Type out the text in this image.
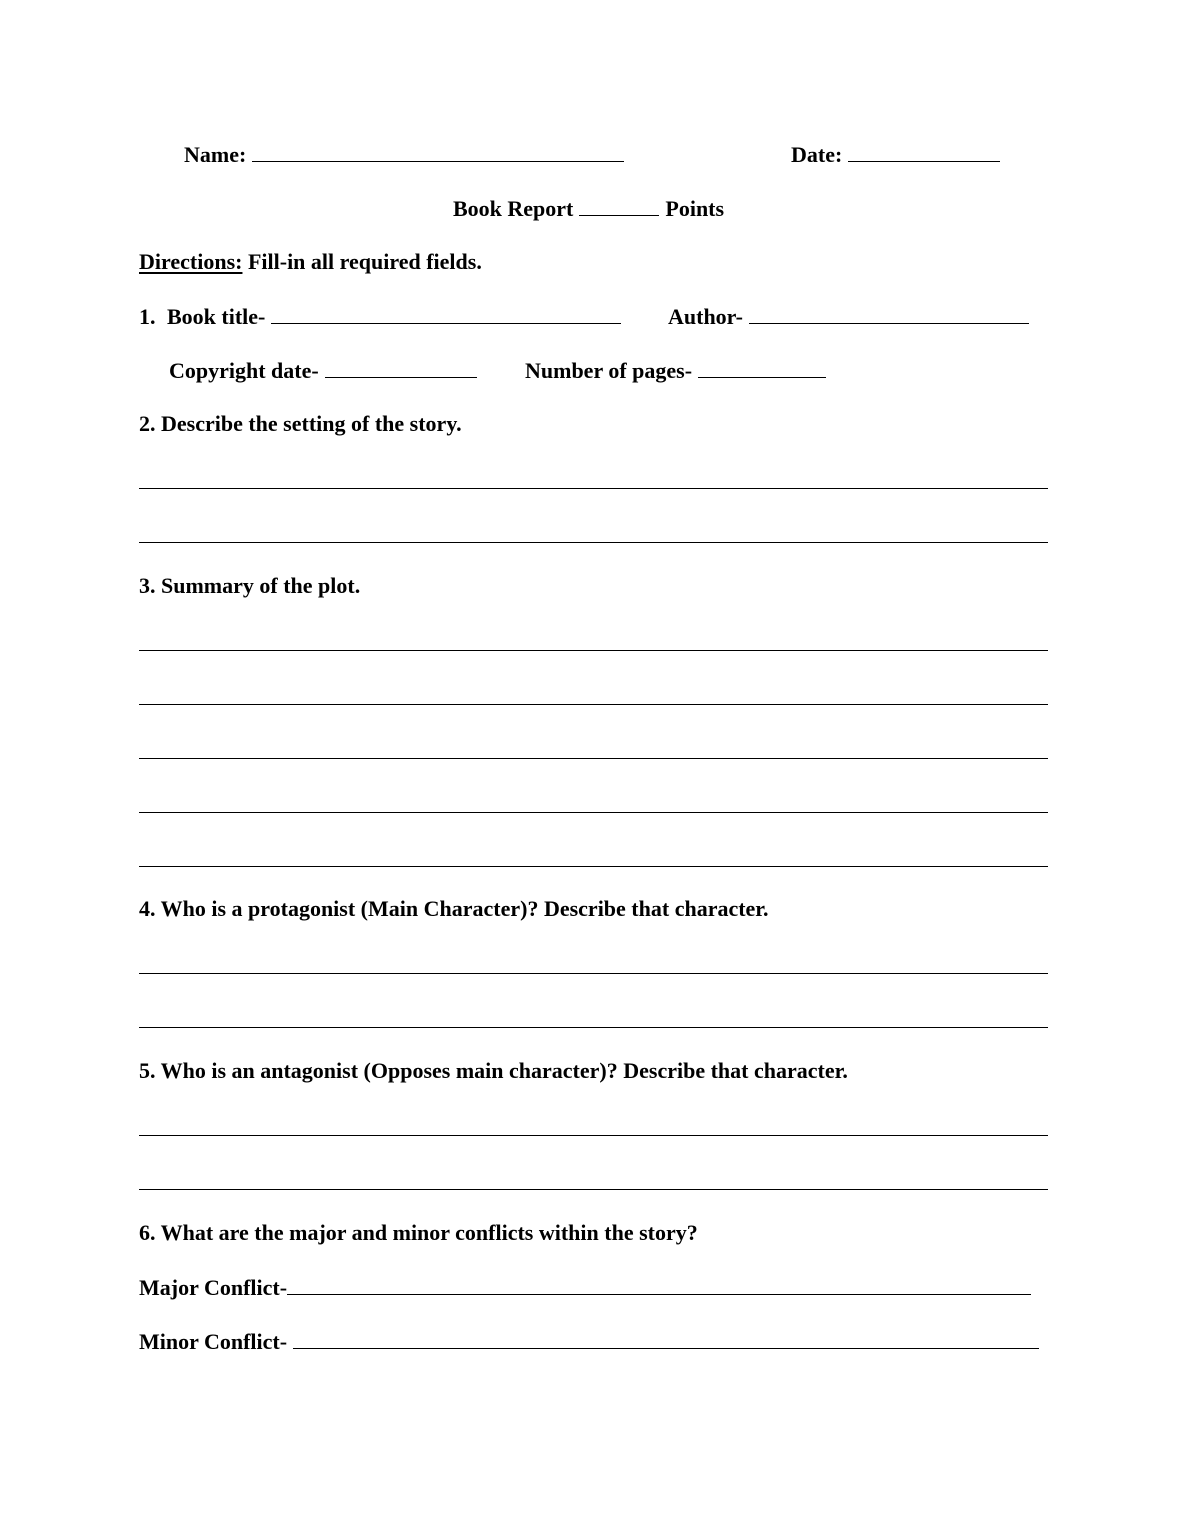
Name:	Date:
Book Report	Points
Directions: Fill-in all required fields.
1. Book title-	Author-
Copyright date-	Number of pages-
2. Describe the setting of the story.
3. Summary of the plot.
4. Who is a protagonist (Main Character)? Describe that character.
5. Who is an antagonist (Opposes main character)? Describe that character.
6. What are the major and minor conflicts within the story?
Major Conflict-
Minor Conflict-
